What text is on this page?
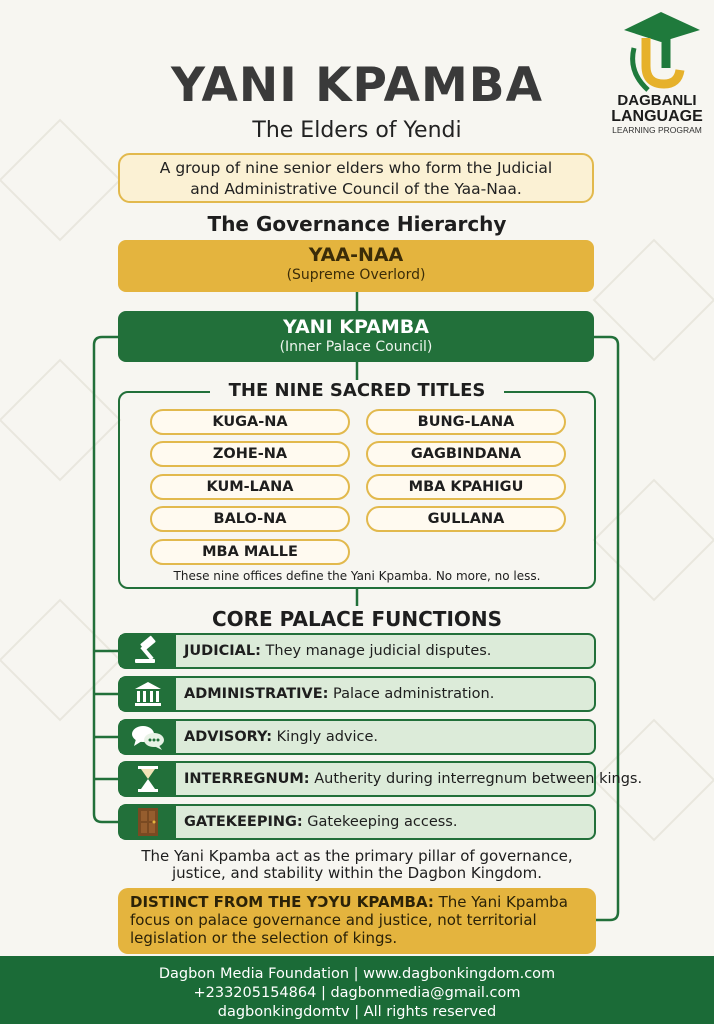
DAGBANLI
LANGUAGE
LEARNING PROGRAM
YANI KPAMBA
The Elders of Yendi
A group of nine senior elders who form the Judicial
and Administrative Council of the Yaa-Naa.
The Governance Hierarchy
YAA-NAA
(Supreme Overlord)
YANI KPAMBA
(Inner Palace Council)
KUGA-NA
ZOHE-NA
KUM-LANA
BALO-NA
MBA MALLE
BUNG-LANA
GAGBINDANA
MBA KPAHIGU
GULLANA
THE NINE SACRED TITLES
These nine offices define the Yani Kpamba. No more, no less.
CORE PALACE FUNCTIONS
JUDICIAL: They manage judicial disputes.
ADMINISTRATIVE: Palace administration.
ADVISORY: Kingly advice.
INTERREGNUM: Autherity during interregnum between kings.
GATEKEEPING: Gatekeeping access.
The Yani Kpamba act as the primary pillar of governance,
justice, and stability within the Dagbon Kingdom.
DISTINCT FROM THE YƆYU KPAMBA: The Yani Kpamba focus on palace governance and justice, not territorial legislation or the selection of kings.
Dagbon Media Foundation | www.dagbonkingdom.com
+233205154864 | dagbonmedia@gmail.com
dagbonkingdomtv | All rights reserved
